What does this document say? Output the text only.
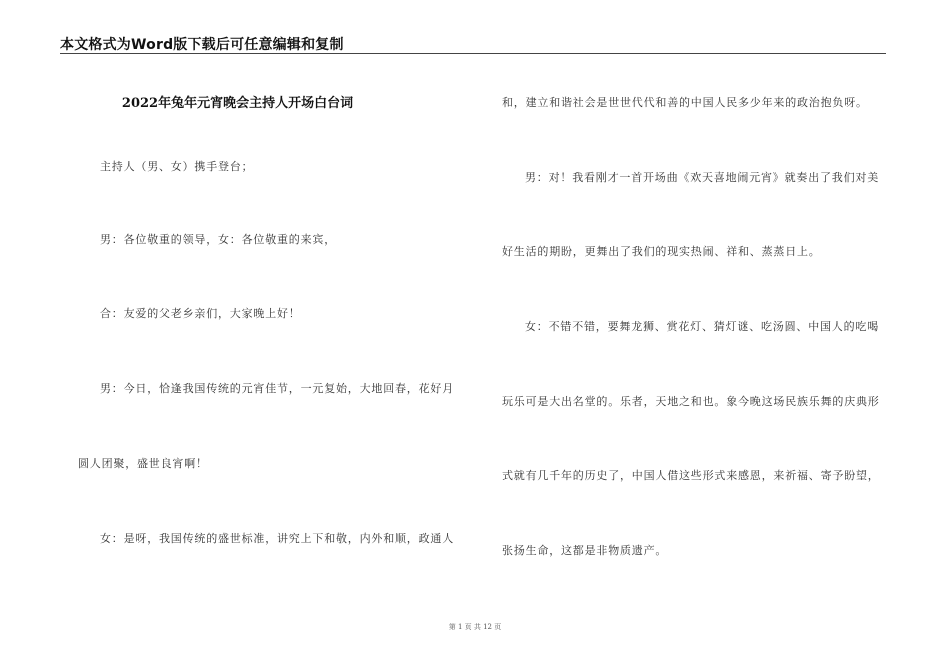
本文格式为Word版下载后可任意编辑和复制
2022年兔年元宵晚会主持人开场白台词
主持人（男、女）携手登台；
男：各位敬重的领导，女：各位敬重的来宾，
合：友爱的父老乡亲们，大家晚上好！
男：今日，恰逢我国传统的元宵佳节，一元复始，大地回春，花好月
圆人团聚，盛世良宵啊！
女：是呀，我国传统的盛世标准，讲究上下和敬，内外和顺，政通人
和，建立和谐社会是世世代代和善的中国人民多少年来的政治抱负呀。
男：对！我看刚才一首开场曲《欢天喜地闹元宵》就奏出了我们对美
好生活的期盼，更舞出了我们的现实热闹、祥和、蒸蒸日上。
女：不错不错，要舞龙狮、赏花灯、猜灯谜、吃汤圆、中国人的吃喝
玩乐可是大出名堂的。乐者，天地之和也。象今晚这场民族乐舞的庆典形
式就有几千年的历史了，中国人借这些形式来感恩，来祈福、寄予盼望，
张扬生命，这都是非物质遗产。
第 1 页 共 12 页
